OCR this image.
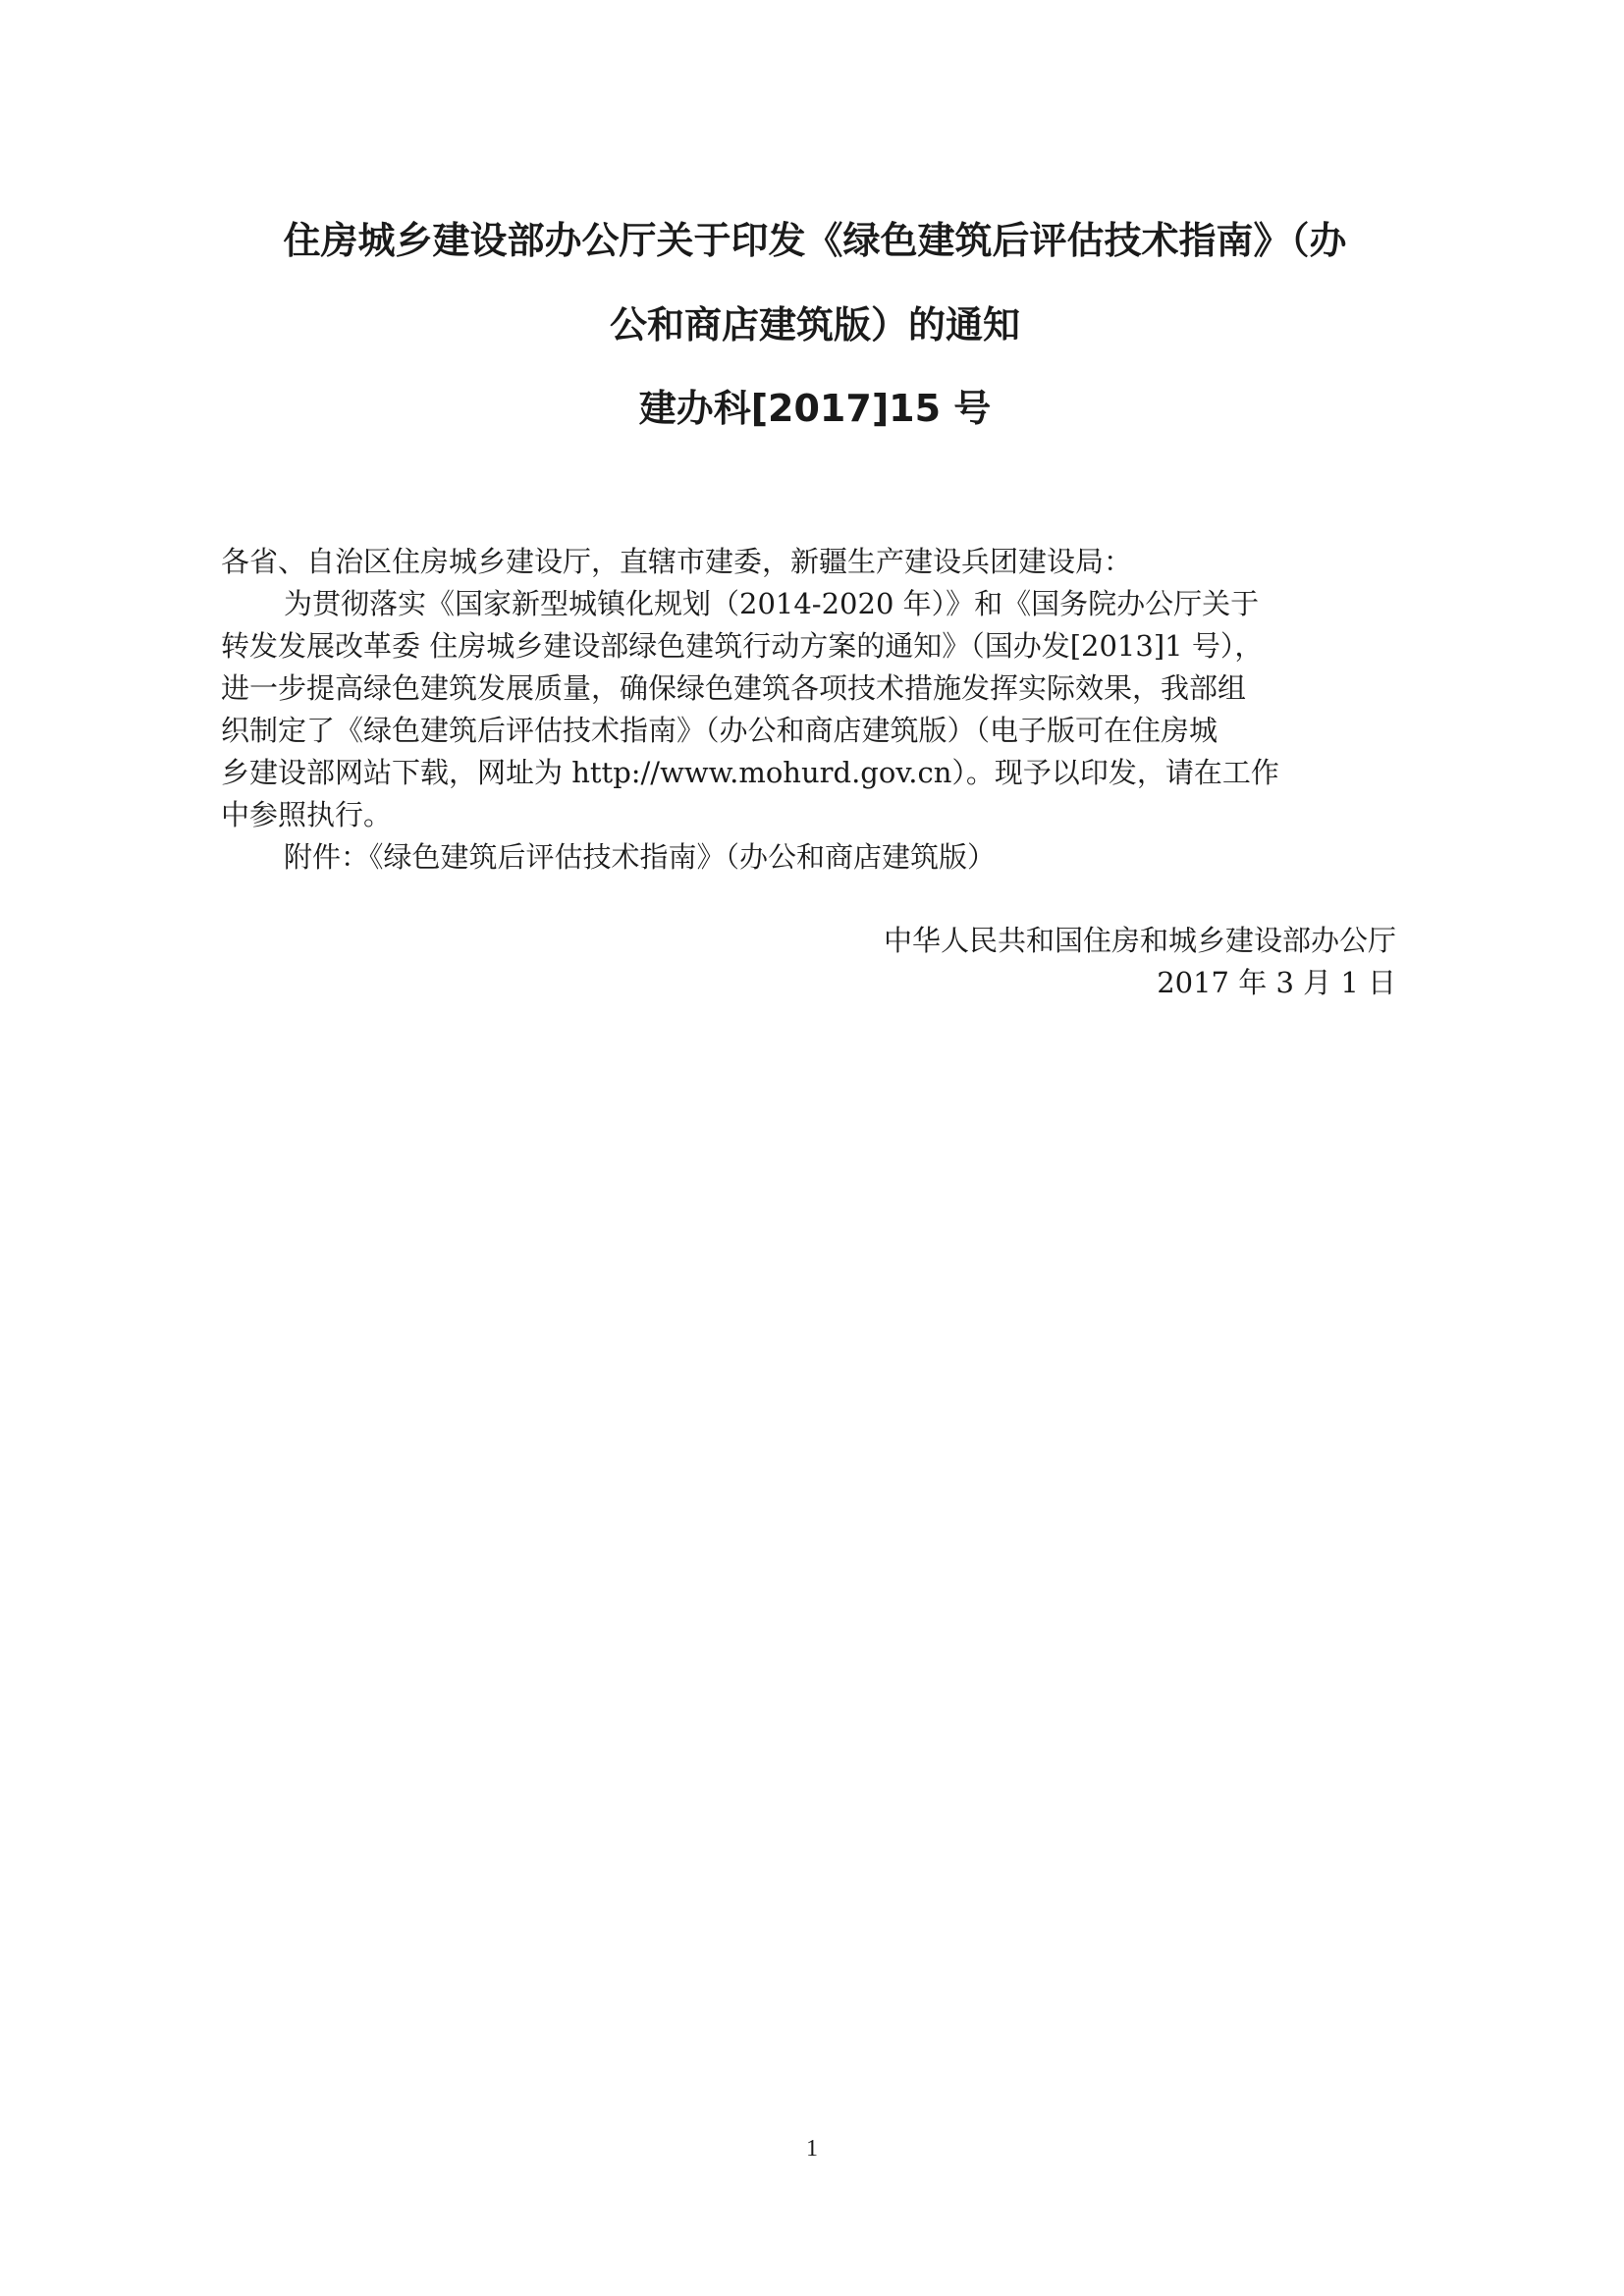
住房城乡建设部办公厅关于印发《绿色建筑后评估技术指南》（办
公和商店建筑版）的通知
建办科[2017]15 号
各省、自治区住房城乡建设厅，直辖市建委，新疆生产建设兵团建设局：
为贯彻落实《国家新型城镇化规划（2014-2020 年）》和《国务院办公厅关于
转发发展改革委 住房城乡建设部绿色建筑行动方案的通知》（国办发[2013]1 号），
进一步提高绿色建筑发展质量，确保绿色建筑各项技术措施发挥实际效果，我部组
织制定了《绿色建筑后评估技术指南》（办公和商店建筑版）（电子版可在住房城
乡建设部网站下载，网址为 http://www.mohurd.gov.cn）。现予以印发，请在工作
中参照执行。
附件：《绿色建筑后评估技术指南》（办公和商店建筑版）
中华人民共和国住房和城乡建设部办公厅
2017 年 3 月 1 日
1
